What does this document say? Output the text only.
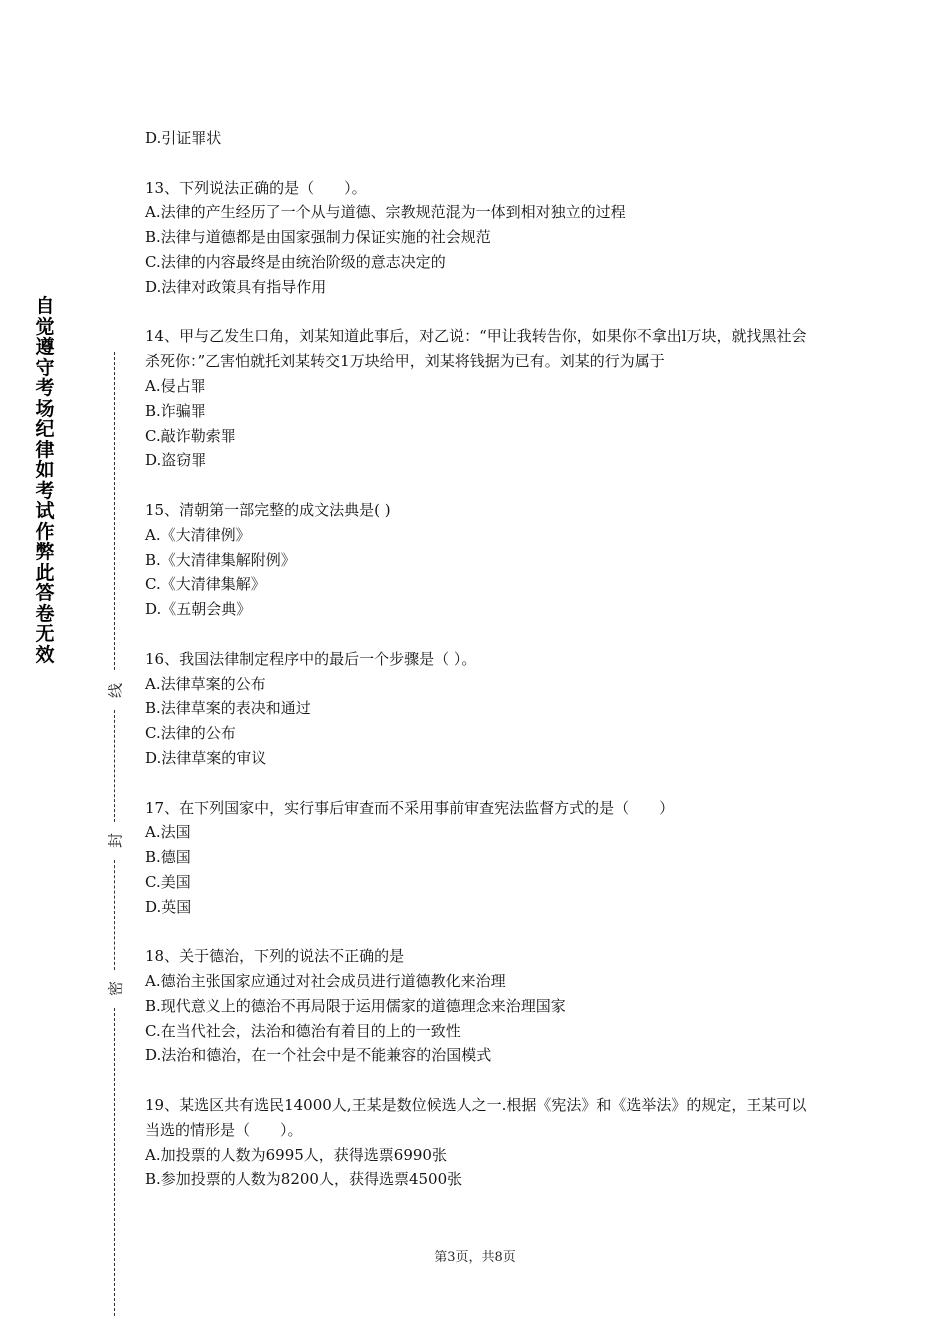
自觉遵守考场纪律如考试作弊此答卷无效
线
封
密
D.引证罪状
13、下列说法正确的是（　　）。
A.法律的产生经历了一个从与道德、宗教规范混为一体到相对独立的过程
B.法律与道德都是由国家强制力保证实施的社会规范
C.法律的内容最终是由统治阶级的意志决定的
D.法律对政策具有指导作用
14、甲与乙发生口角，刘某知道此事后，对乙说：“甲让我转告你，如果你不拿出l万块，就找黑社会杀死你：”乙害怕就托刘某转交1万块给甲，刘某将钱据为已有。刘某的行为属于
A.侵占罪
B.诈骗罪
C.敲诈勒索罪
D.盗窃罪
15、清朝第一部完整的成文法典是( )
A.《大清律例》
B.《大清律集解附例》
C.《大清律集解》
D.《五朝会典》
16、我国法律制定程序中的最后一个步骤是（ ）。
A.法律草案的公布
B.法律草案的表决和通过
C.法律的公布
D.法律草案的审议
17、在下列国家中，实行事后审查而不采用事前审查宪法监督方式的是（　　）
A.法国
B.德国
C.美国
D.英国
18、关于德治，下列的说法不正确的是
A.德治主张国家应通过对社会成员进行道德教化来治理
B.现代意义上的德治不再局限于运用儒家的道德理念来治理国家
C.在当代社会，法治和德治有着目的上的一致性
D.法治和德治，在一个社会中是不能兼容的治国模式
19、某选区共有选民14000人,王某是数位候选人之一.根据《宪法》和《选举法》的规定，王某可以当选的情形是（　　）。
A.加投票的人数为6995人，获得选票6990张
B.参加投票的人数为8200人，获得选票4500张
第3页，共8页
